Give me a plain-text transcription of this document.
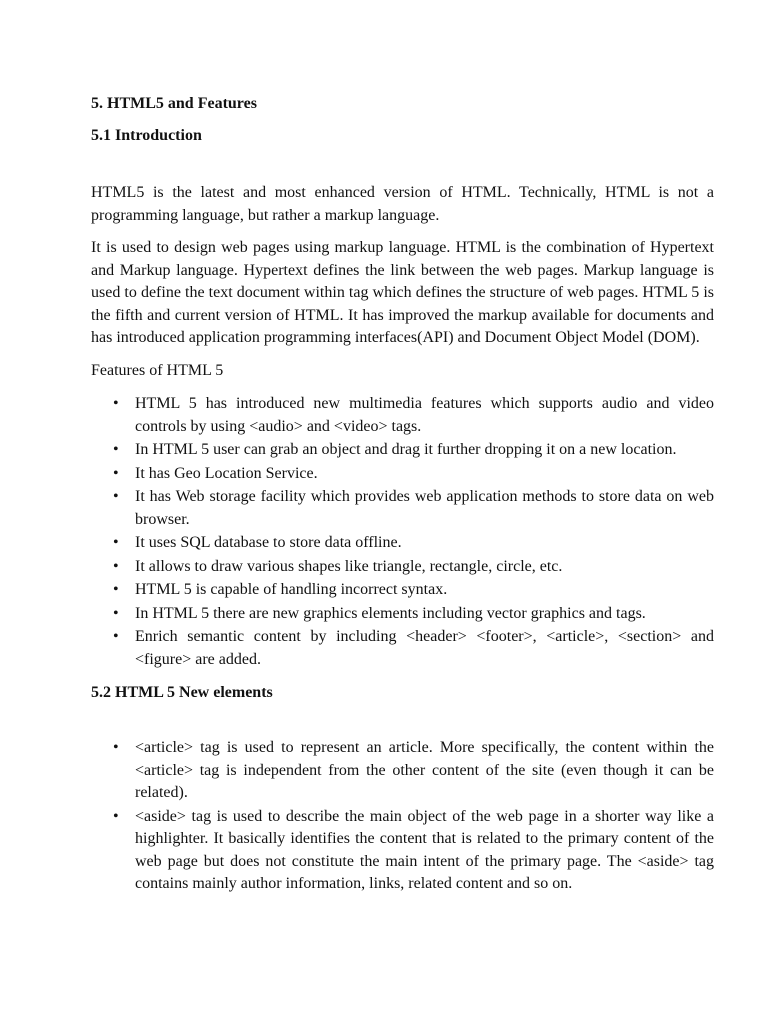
5. HTML5 and Features
5.1 Introduction

HTML5 is the latest and most enhanced version of HTML. Technically, HTML is not a programming language, but rather a markup language.

It is used to design web pages using markup language. HTML is the combination of Hypertext and Markup language. Hypertext defines the link between the web pages. Markup language is used to define the text document within tag which defines the structure of web pages. HTML 5 is the fifth and current version of HTML. It has improved the markup available for documents and has introduced application programming interfaces(API) and Document Object Model (DOM).

Features of HTML 5

• HTML 5 has introduced new multimedia features which supports audio and video controls by using <audio> and <video> tags.
• In HTML 5 user can grab an object and drag it further dropping it on a new location.
• It has Geo Location Service.
• It has Web storage facility which provides web application methods to store data on web browser.
• It uses SQL database to store data offline.
• It allows to draw various shapes like triangle, rectangle, circle, etc.
• HTML 5 is capable of handling incorrect syntax.
• In HTML 5 there are new graphics elements including vector graphics and tags.
• Enrich semantic content by including <header> <footer>, <article>, <section> and <figure> are added.
5.2 HTML 5 New elements
• <article> tag is used to represent an article. More specifically, the content within the <article> tag is independent from the other content of the site (even though it can be related).
• <aside> tag is used to describe the main object of the web page in a shorter way like a highlighter. It basically identifies the content that is related to the primary content of the web page but does not constitute the main intent of the primary page. The <aside> tag contains mainly author information, links, related content and so on.
